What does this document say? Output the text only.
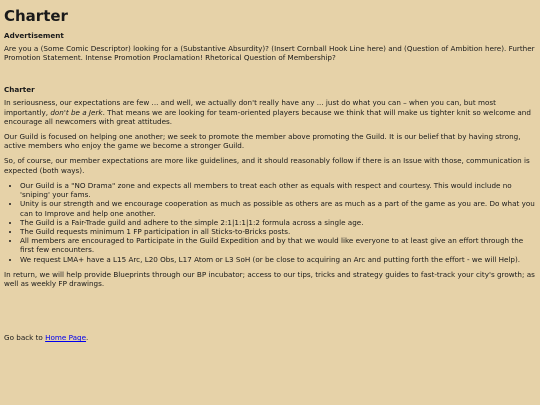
Charter
Advertisement

Are you a (Some Comic Descriptor) looking for a (Substantive Absurdity)? (Insert Cornball Hook Line here) and (Question of Ambition here). Further Promotion Statement. Intense Promotion Proclamation! Rhetorical Question of Membership?

Charter

In seriousness, our expectations are few ... and well, we actually don't really have any ... just do what you can – when you can, but most importantly, don't be a Jerk. That means we are looking for team-oriented players because we think that will make us tighter knit so welcome and encourage all newcomers with great attitudes.

Our Guild is focused on helping one another; we seek to promote the member above promoting the Guild. It is our belief that by having strong, active members who enjoy the game we become a stronger Guild.

So, of course, our member expectations are more like guidelines, and it should reasonably follow if there is an Issue with those, communication is expected (both ways).

• Our Guild is a "NO Drama" zone and expects all members to treat each other as equals with respect and courtesy. This would include no 'sniping' your fams.
• Unity is our strength and we encourage cooperation as much as possible as others are as much as a part of the game as you are. Do what you can to Improve and help one another.
• The Guild is a Fair-Trade guild and adhere to the simple 2:1|1:1|1:2 formula across a single age.
• The Guild requests minimum 1 FP participation in all Sticks-to-Bricks posts.
• All members are encouraged to Participate in the Guild Expedition and by that we would like everyone to at least give an effort through the first few encounters.
• We request LMA+ have a L15 Arc, L20 Obs, L17 Atom or L3 SoH (or be close to acquiring an Arc and putting forth the effort - we will Help).

In return, we will help provide Blueprints through our BP incubator; access to our tips, tricks and strategy guides to fast-track your city's growth; as well as weekly FP drawings.

Go back to Home Page.
